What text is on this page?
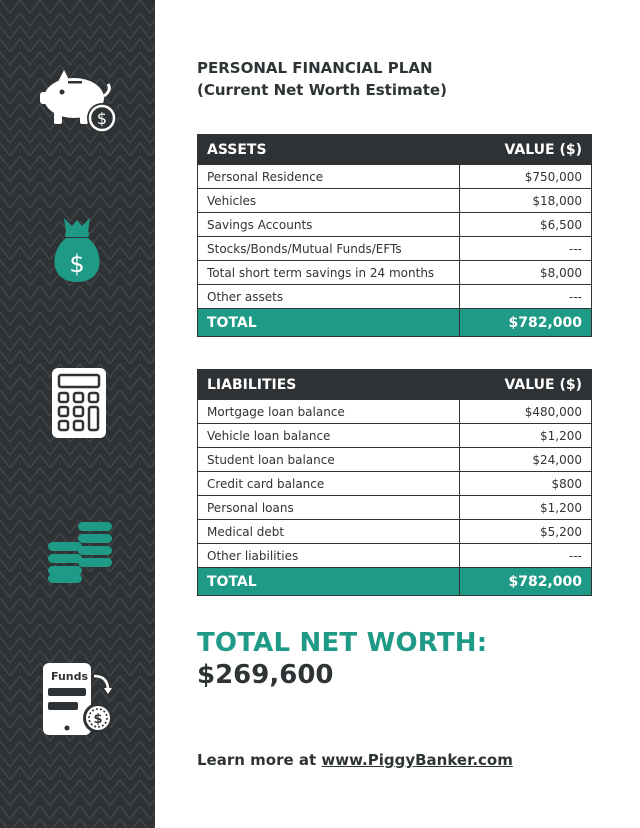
$
$
$
Funds
PERSONAL FINANCIAL PLAN
(Current Net Worth Estimate)
ASSETS	VALUE ($)
Personal Residence	$750,000
Vehicles	$18,000
Savings Accounts	$6,500
Stocks/Bonds/Mutual Funds/EFTs	---
Total short term savings in 24 months	$8,000
Other assets	---
TOTAL	$782,000
LIABILITIES	VALUE ($)
Mortgage loan balance	$480,000
Vehicle loan balance	$1,200
Student loan balance	$24,000
Credit card balance	$800
Personal loans	$1,200
Medical debt	$5,200
Other liabilities	---
TOTAL	$782,000
TOTAL NET WORTH:
$269,600
Learn more at www.PiggyBanker.com
